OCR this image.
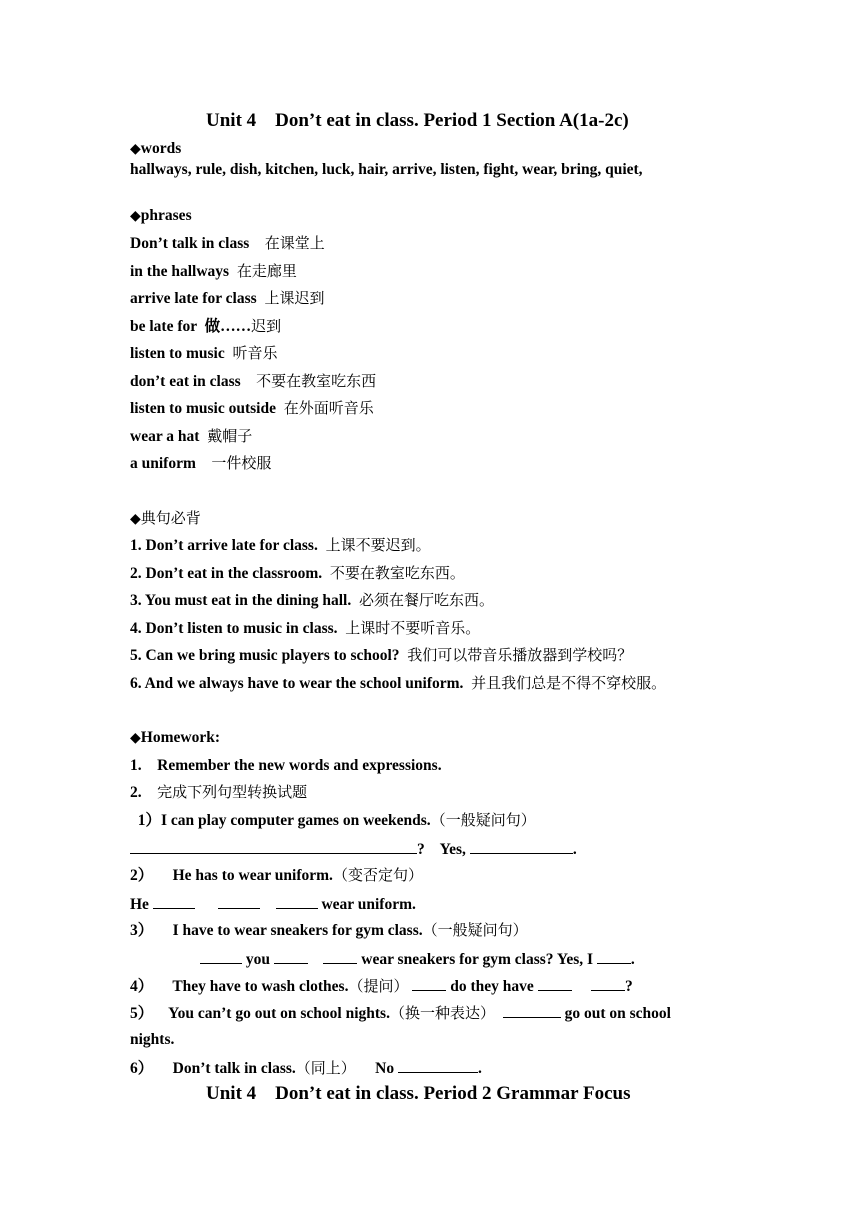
Unit 4    Don’t eat in class. Period 1 Section A(1a-2c)
◆words
hallways, rule, dish, kitchen, luck, hair, arrive, listen, fight, wear, bring, quiet,
◆phrases
Don’t talk in class    在课堂上
in the hallways  在走廊里
arrive late for class  上课迟到
be late for  做……迟到
listen to music  听音乐
don’t eat in class    不要在教室吃东西
listen to music outside  在外面听音乐
wear a hat  戴帽子
a uniform    一件校服
◆典句必背
1. Don’t arrive late for class.  上课不要迟到。
2. Don’t eat in the classroom.  不要在教室吃东西。
3. You must eat in the dining hall.  必须在餐厅吃东西。
4. Don’t listen to music in class.  上课时不要听音乐。
5. Can we bring music players to school?  我们可以带音乐播放器到学校吗？
6. And we always have to wear the school uniform.  并且我们总是不得不穿校服。
◆Homework:
1.    Remember the new words and expressions.
2.    完成下列句型转换试题
1）I can play computer games on weekends.（一般疑问句）
?    Yes,	.
2）     He has to wear uniform.（变否定句）
He	wear uniform.
3）     I have to wear sneakers for gym class.（一般疑问句）
you	wear sneakers for gym class? Yes, I .
4）     They have to wash clothes.（提问）  do they have	?
5）    You can’t go out on school nights.（换一种表达）	go out on school
nights.
6）     Don’t talk in class.（同上）     No	.
Unit 4    Don’t eat in class. Period 2 Grammar Focus
